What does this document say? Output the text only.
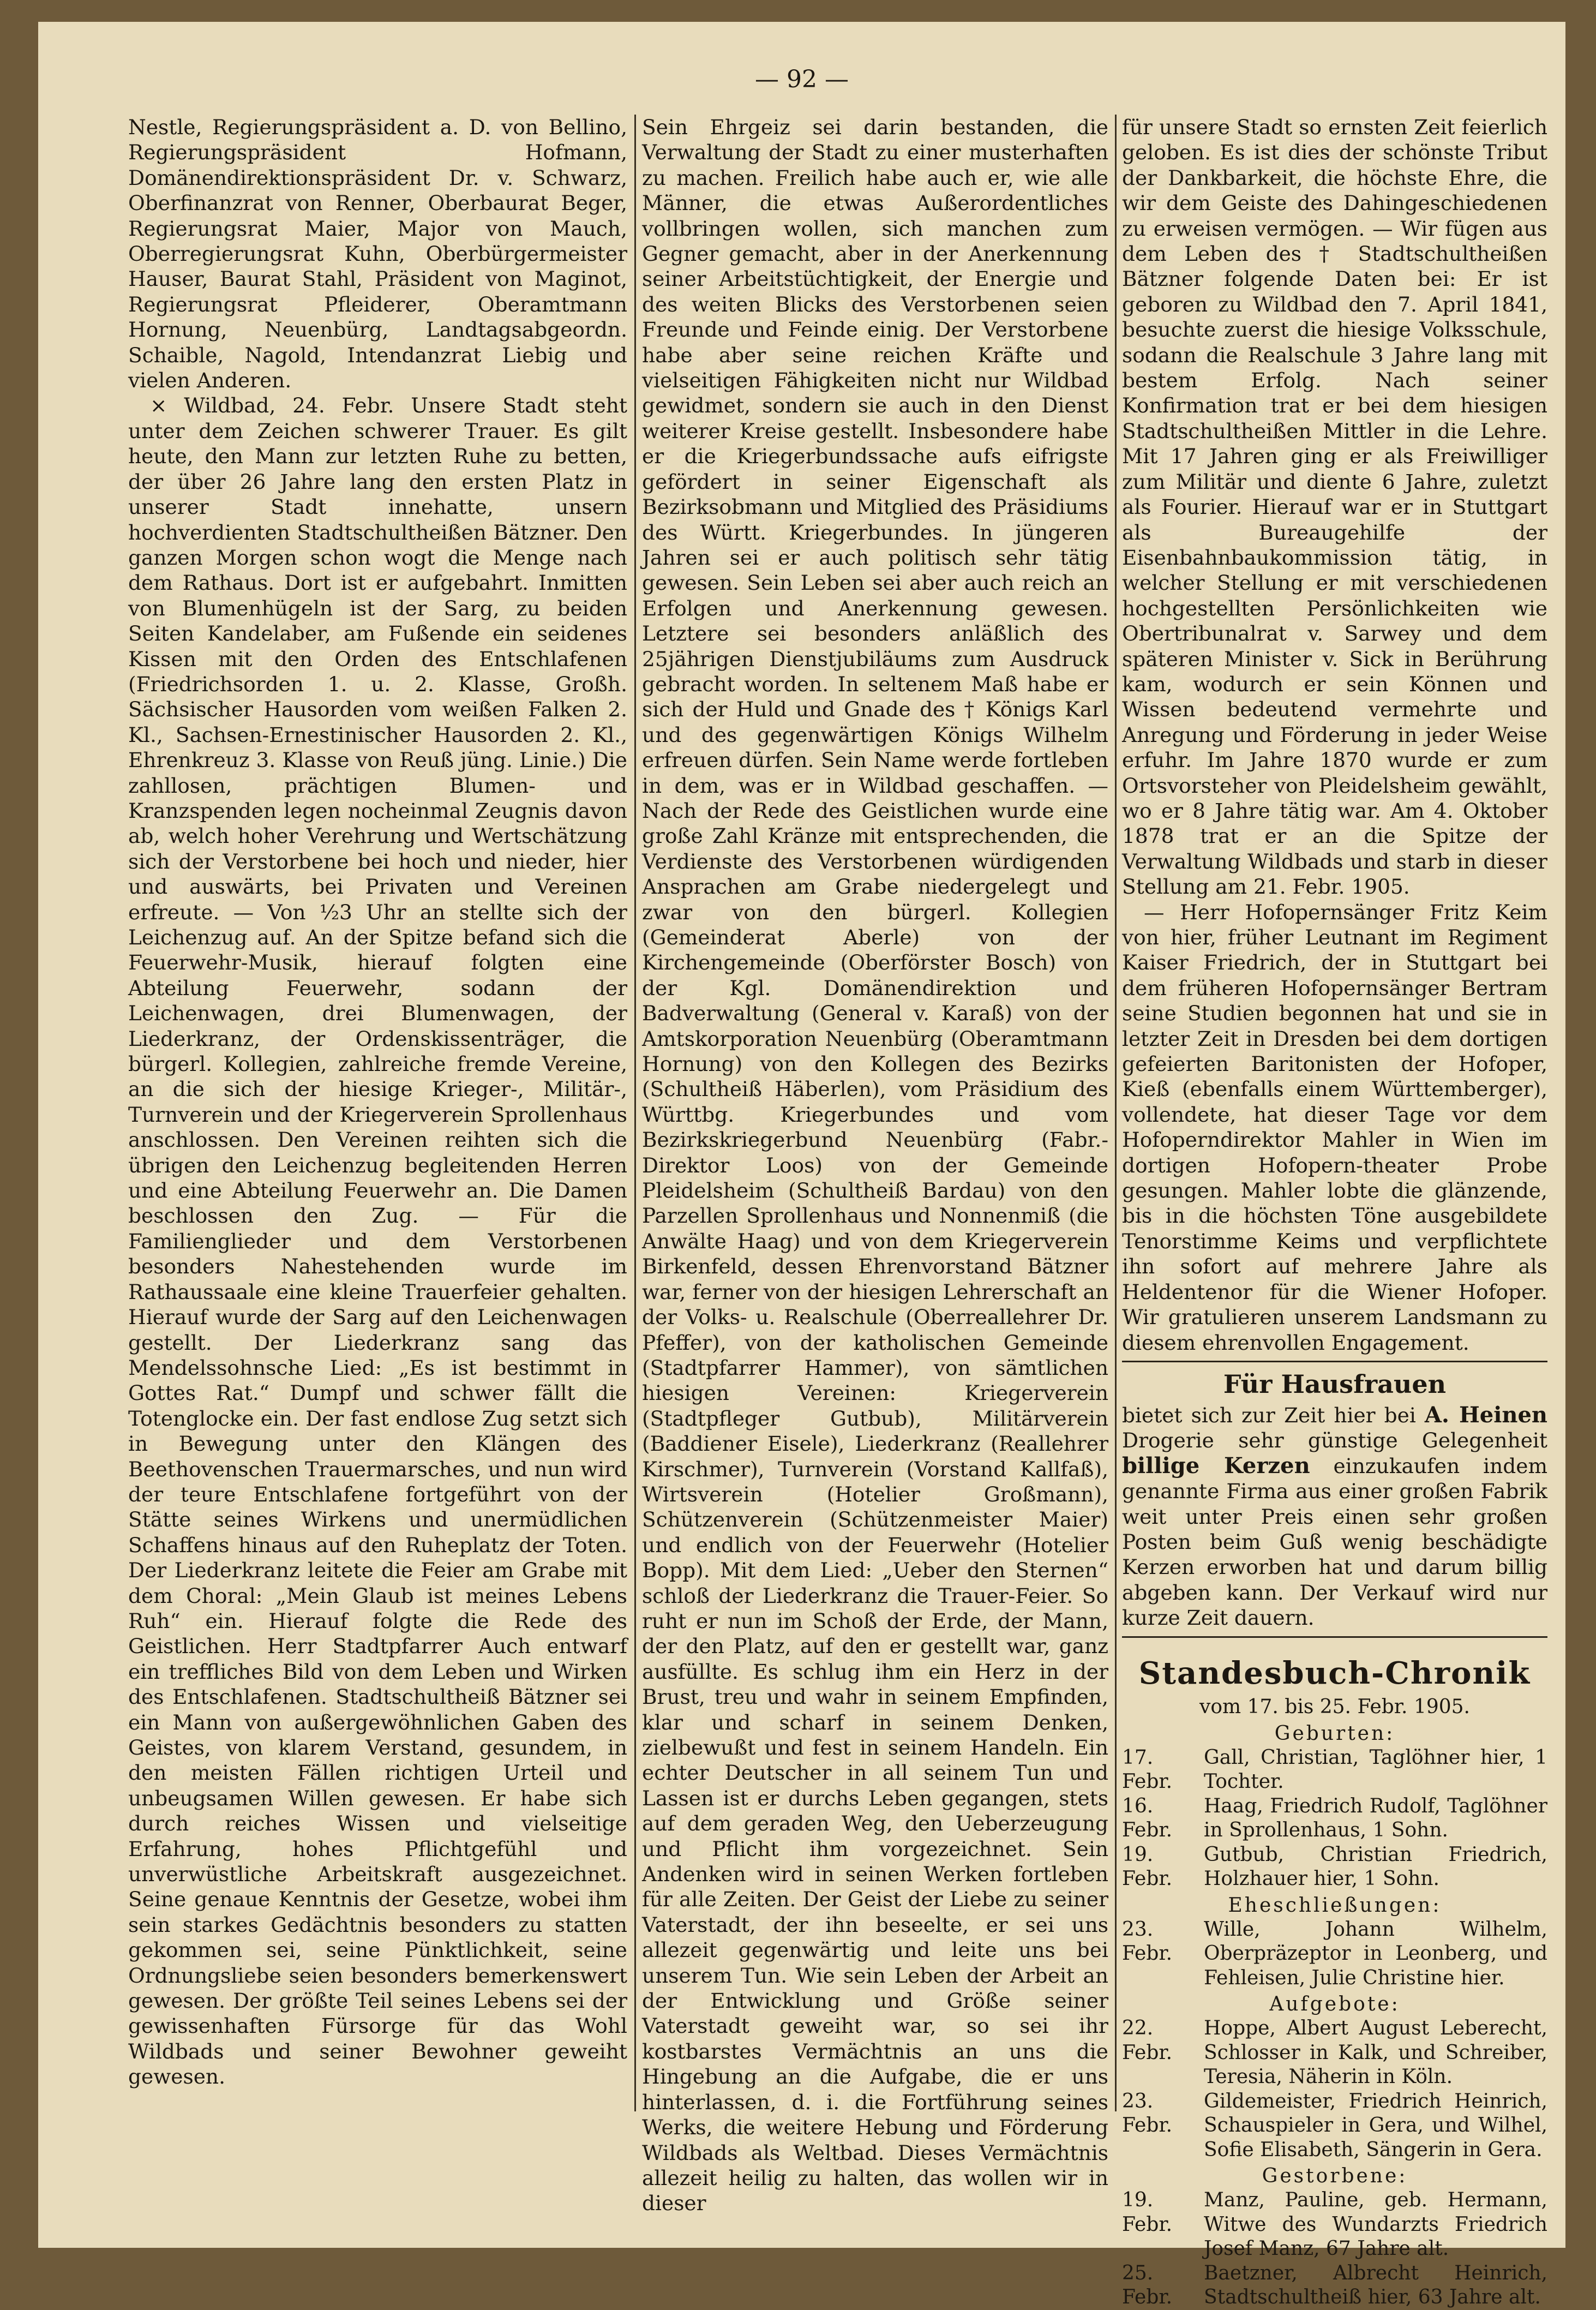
— 92 —

Nestle, Regierungspräsident a. D. von Bellino, Regierungspräsident Hofmann, Domänendirektionspräsident Dr. v. Schwarz, Oberfinanzrat von Renner, Oberbaurat Beger, Regierungsrat Maier, Major von Mauch, Oberregierungsrat Kuhn, Oberbürgermeister Hauser, Baurat Stahl, Präsident von Maginot, Regierungsrat Pfleiderer, Oberamtmann Hornung, Neuenbürg, Landtagsabgeordn. Schaible, Nagold, Intendanzrat Liebig und vielen Anderen.

× Wildbad, 24. Febr. Unsere Stadt steht unter dem Zeichen schwerer Trauer. Es gilt heute, den Mann zur letzten Ruhe zu betten, der über 26 Jahre lang den ersten Platz in unserer Stadt innehatte, unsern hochverdienten Stadtschultheißen Bätzner. Den ganzen Morgen schon wogt die Menge nach dem Rathaus. Dort ist er aufgebahrt. Inmitten von Blumenhügeln ist der Sarg, zu beiden Seiten Kandelaber, am Fußende ein seidenes Kissen mit den Orden des Entschlafenen (Friedrichsorden 1. u. 2. Klasse, Großh. Sächsischer Hausorden vom weißen Falken 2. Kl., Sachsen-Ernestinischer Hausorden 2. Kl., Ehrenkreuz 3. Klasse von Reuß jüng. Linie.) Die zahllosen, prächtigen Blumen- und Kranzspenden legen nocheinmal Zeugnis davon ab, welch hoher Verehrung und Wertschätzung sich der Verstorbene bei hoch und nieder, hier und auswärts, bei Privaten und Vereinen erfreute. — Von ½3 Uhr an stellte sich der Leichenzug auf. An der Spitze befand sich die Feuerwehr-Musik, hierauf folgten eine Abteilung Feuerwehr, sodann der Leichenwagen, drei Blumenwagen, der Liederkranz, der Ordenskissenträger, die bürgerl. Kollegien, zahlreiche fremde Vereine, an die sich der hiesige Krieger-, Militär-, Turnverein und der Kriegerverein Sprollenhaus anschlossen. Den Vereinen reihten sich die übrigen den Leichenzug begleitenden Herren und eine Abteilung Feuerwehr an. Die Damen beschlossen den Zug. — Für die Familienglieder und dem Verstorbenen besonders Nahestehenden wurde im Rathaussaale eine kleine Trauerfeier gehalten. Hierauf wurde der Sarg auf den Leichenwagen gestellt. Der Liederkranz sang das Mendelssohnsche Lied: „Es ist bestimmt in Gottes Rat.“ Dumpf und schwer fällt die Totenglocke ein. Der fast endlose Zug setzt sich in Bewegung unter den Klängen des Beethovenschen Trauermarsches, und nun wird der teure Entschlafene fortgeführt von der Stätte seines Wirkens und unermüdlichen Schaffens hinaus auf den Ruheplatz der Toten. Der Liederkranz leitete die Feier am Grabe mit dem Choral: „Mein Glaub ist meines Lebens Ruh“ ein. Hierauf folgte die Rede des Geistlichen. Herr Stadtpfarrer Auch entwarf ein treffliches Bild von dem Leben und Wirken des Entschlafenen. Stadtschultheiß Bätzner sei ein Mann von außergewöhnlichen Gaben des Geistes, von klarem Verstand, gesundem, in den meisten Fällen richtigen Urteil und unbeugsamen Willen gewesen. Er habe sich durch reiches Wissen und vielseitige Erfahrung, hohes Pflichtgefühl und unverwüstliche Arbeitskraft ausgezeichnet. Seine genaue Kenntnis der Gesetze, wobei ihm sein starkes Gedächtnis besonders zu statten gekommen sei, seine Pünktlichkeit, seine Ordnungsliebe seien besonders bemerkenswert gewesen. Der größte Teil seines Lebens sei der gewissenhaften Fürsorge für das Wohl Wildbads und seiner Bewohner geweiht gewesen.

Sein Ehrgeiz sei darin bestanden, die Verwaltung der Stadt zu einer musterhaften zu machen. Freilich habe auch er, wie alle Männer, die etwas Außerordentliches vollbringen wollen, sich manchen zum Gegner gemacht, aber in der Anerkennung seiner Arbeitstüchtigkeit, der Energie und des weiten Blicks des Verstorbenen seien Freunde und Feinde einig. Der Verstorbene habe aber seine reichen Kräfte und vielseitigen Fähigkeiten nicht nur Wildbad gewidmet, sondern sie auch in den Dienst weiterer Kreise gestellt. Insbesondere habe er die Kriegerbundssache aufs eifrigste gefördert in seiner Eigenschaft als Bezirksobmann und Mitglied des Präsidiums des Württ. Kriegerbundes. In jüngeren Jahren sei er auch politisch sehr tätig gewesen. Sein Leben sei aber auch reich an Erfolgen und Anerkennung gewesen. Letztere sei besonders anläßlich des 25jährigen Dienstjubiläums zum Ausdruck gebracht worden. In seltenem Maß habe er sich der Huld und Gnade des † Königs Karl und des gegenwärtigen Königs Wilhelm erfreuen dürfen. Sein Name werde fortleben in dem, was er in Wildbad geschaffen. — Nach der Rede des Geistlichen wurde eine große Zahl Kränze mit entsprechenden, die Verdienste des Verstorbenen würdigenden Ansprachen am Grabe niedergelegt und zwar von den bürgerl. Kollegien (Gemeinderat Aberle) von der Kirchengemeinde (Oberförster Bosch) von der Kgl. Domänendirektion und Badverwaltung (General v. Karaß) von der Amtskorporation Neuenbürg (Oberamtmann Hornung) von den Kollegen des Bezirks (Schultheiß Häberlen), vom Präsidium des Württbg. Kriegerbundes und vom Bezirkskriegerbund Neuenbürg (Fabr.-Direktor Loos) von der Gemeinde Pleidelsheim (Schultheiß Bardau) von den Parzellen Sprollenhaus und Nonnenmiß (die Anwälte Haag) und von dem Kriegerverein Birkenfeld, dessen Ehrenvorstand Bätzner war, ferner von der hiesigen Lehrerschaft an der Volks- u. Realschule (Oberreallehrer Dr. Pfeffer), von der katholischen Gemeinde (Stadtpfarrer Hammer), von sämtlichen hiesigen Vereinen: Kriegerverein (Stadtpfleger Gutbub), Militärverein (Baddiener Eisele), Liederkranz (Reallehrer Kirschmer), Turnverein (Vorstand Kallfaß), Wirtsverein (Hotelier Großmann), Schützenverein (Schützenmeister Maier) und endlich von der Feuerwehr (Hotelier Bopp). Mit dem Lied: „Ueber den Sternen“ schloß der Liederkranz die Trauer-Feier. So ruht er nun im Schoß der Erde, der Mann, der den Platz, auf den er gestellt war, ganz ausfüllte. Es schlug ihm ein Herz in der Brust, treu und wahr in seinem Empfinden, klar und scharf in seinem Denken, zielbewußt und fest in seinem Handeln. Ein echter Deutscher in all seinem Tun und Lassen ist er durchs Leben gegangen, stets auf dem geraden Weg, den Ueberzeugung und Pflicht ihm vorgezeichnet. Sein Andenken wird in seinen Werken fortleben für alle Zeiten. Der Geist der Liebe zu seiner Vaterstadt, der ihn beseelte, er sei uns allezeit gegenwärtig und leite uns bei unserem Tun. Wie sein Leben der Arbeit an der Entwicklung und Größe seiner Vaterstadt geweiht war, so sei ihr kostbarstes Vermächtnis an uns die Hingebung an die Aufgabe, die er uns hinterlassen, d. i. die Fortführung seines Werks, die weitere Hebung und Förderung Wildbads als Weltbad. Dieses Vermächtnis allezeit heilig zu halten, das wollen wir in dieser

für unsere Stadt so ernsten Zeit feierlich geloben. Es ist dies der schönste Tribut der Dankbarkeit, die höchste Ehre, die wir dem Geiste des Dahingeschiedenen zu erweisen vermögen. — Wir fügen aus dem Leben des † Stadtschultheißen Bätzner folgende Daten bei: Er ist geboren zu Wildbad den 7. April 1841, besuchte zuerst die hiesige Volksschule, sodann die Realschule 3 Jahre lang mit bestem Erfolg. Nach seiner Konfirmation trat er bei dem hiesigen Stadtschultheißen Mittler in die Lehre. Mit 17 Jahren ging er als Freiwilliger zum Militär und diente 6 Jahre, zuletzt als Fourier. Hierauf war er in Stuttgart als Bureaugehilfe der Eisenbahnbaukommission tätig, in welcher Stellung er mit verschiedenen hochgestellten Persönlichkeiten wie Obertribunalrat v. Sarwey und dem späteren Minister v. Sick in Berührung kam, wodurch er sein Können und Wissen bedeutend vermehrte und Anregung und Förderung in jeder Weise erfuhr. Im Jahre 1870 wurde er zum Ortsvorsteher von Pleidelsheim gewählt, wo er 8 Jahre tätig war. Am 4. Oktober 1878 trat er an die Spitze der Verwaltung Wildbads und starb in dieser Stellung am 21. Febr. 1905.

— Herr Hofopernsänger Fritz Keim von hier, früher Leutnant im Regiment Kaiser Friedrich, der in Stuttgart bei dem früheren Hofopernsänger Bertram seine Studien begonnen hat und sie in letzter Zeit in Dresden bei dem dortigen gefeierten Baritonisten der Hofoper, Kieß (ebenfalls einem Württemberger), vollendete, hat dieser Tage vor dem Hofoperndirektor Mahler in Wien im dortigen Hofopern-theater Probe gesungen. Mahler lobte die glänzende, bis in die höchsten Töne ausgebildete Tenorstimme Keims und verpflichtete ihn sofort auf mehrere Jahre als Heldentenor für die Wiener Hofoper. Wir gratulieren unserem Landsmann zu diesem ehrenvollen Engagement.

Für Hausfrauen
bietet sich zur Zeit hier bei A. Heinen Drogerie sehr günstige Gelegenheit billige Kerzen einzukaufen indem genannte Firma aus einer großen Fabrik weit unter Preis einen sehr großen Posten beim Guß wenig beschädigte Kerzen erworben hat und darum billig abgeben kann. Der Verkauf wird nur kurze Zeit dauern.
Standesbuch-Chronik
vom 17. bis 25. Febr. 1905.
Geburten:
17. Febr.
Gall, Christian, Taglöhner hier, 1 Tochter.
16. Febr.
Haag, Friedrich Rudolf, Taglöhner in Sprollenhaus, 1 Sohn.
19. Febr.
Gutbub, Christian Friedrich, Holzhauer hier, 1 Sohn.
Eheschließungen:
23. Febr.
Wille, Johann Wilhelm, Oberpräzeptor in Leonberg, und Fehleisen, Julie Christine hier.
Aufgebote:
22. Febr.
Hoppe, Albert August Leberecht, Schlosser in Kalk, und Schreiber, Teresia, Näherin in Köln.
23. Febr.
Gildemeister, Friedrich Heinrich, Schauspieler in Gera, und Wilhel, Sofie Elisabeth, Sängerin in Gera.
Gestorbene:
19. Febr.
Manz, Pauline, geb. Hermann, Witwe des Wundarzts Friedrich Josef Manz, 67 Jahre alt.
25. Febr.
Baetzner, Albrecht Heinrich, Stadtschultheiß hier, 63 Jahre alt.
